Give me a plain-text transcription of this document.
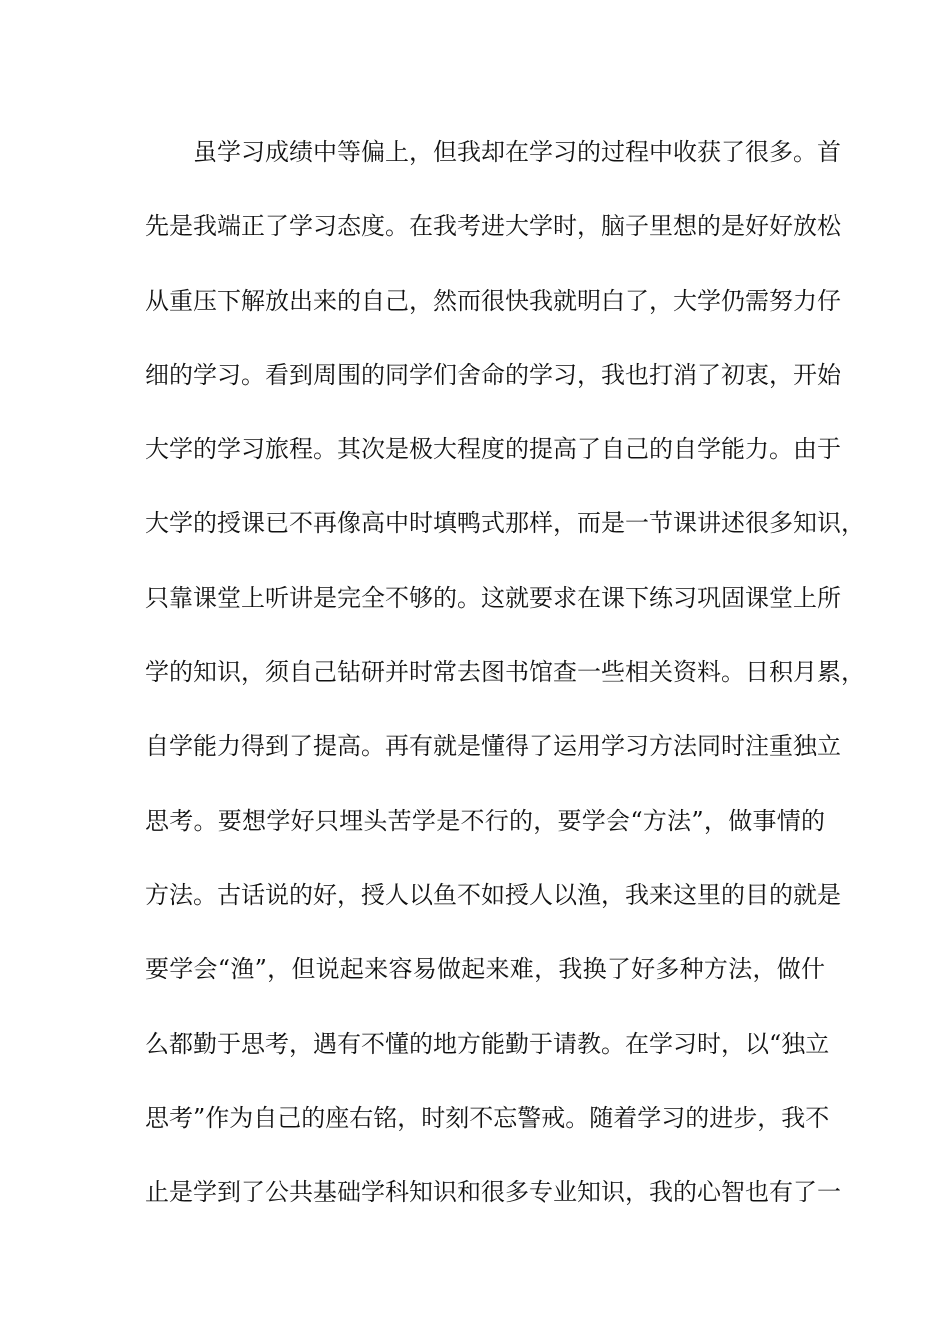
虽学习成绩中等偏上，但我却在学习的过程中收获了很多。首
先是我端正了学习态度。在我考进大学时，脑子里想的是好好放松
从重压下解放出来的自己，然而很快我就明白了，大学仍需努力仔
细的学习。看到周围的同学们舍命的学习，我也打消了初衷，开始
大学的学习旅程。其次是极大程度的提高了自己的自学能力。由于
大学的授课已不再像高中时填鸭式那样，而是一节课讲述很多知识，
只靠课堂上听讲是完全不够的。这就要求在课下练习巩固课堂上所
学的知识，须自己钻研并时常去图书馆查一些相关资料。日积月累，
自学能力得到了提高。再有就是懂得了运用学习方法同时注重独立
思考。要想学好只埋头苦学是不行的，要学会“方法”，做事情的
方法。古话说的好，授人以鱼不如授人以渔，我来这里的目的就是
要学会“渔”，但说起来容易做起来难，我换了好多种方法，做什
么都勤于思考，遇有不懂的地方能勤于请教。在学习时，以“独立
思考”作为自己的座右铭，时刻不忘警戒。随着学习的进步，我不
止是学到了公共基础学科知识和很多专业知识，我的心智也有了一
